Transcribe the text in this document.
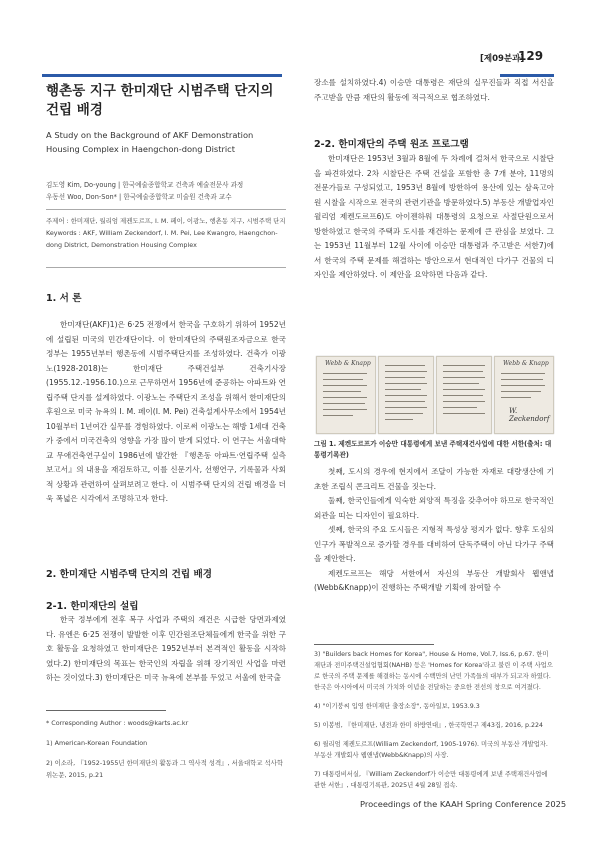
[제09분과]
129
행촌동 지구 한미재단 시범주택 단지의 건립 배경
A Study on the Background of AKF Demonstration Housing Complex in Haengchon-dong District
김도영 Kim, Do-young | 한국예술종합학교 건축과 예술전문사 과정
우동선 Woo, Don-Son* | 한국예술종합학교 미술원 건축과 교수
주제어 : 한미재단, 월리엄 제켄도르프, I. M. 페이, 이광노, 행촌동 지구, 시범주택 단지
Keywords : AKF, William Zeckendorf, I. M. Pei, Lee Kwangro, Haengchon-dong District, Demonstration Housing Complex
1. 서 론
한미재단(AKF)1)은 6·25 전쟁에서 한국을 구호하기 위하여 1952년에 설립된 미국의 민간재단이다. 이 한미재단의 주택원조자금으로 한국 정부는 1955년부터 행촌동에 시범주택단지를 조성하였다. 건축가 이광노(1928-2018)는 한미재단 주택건설부 건축기사장(1955.12.-1956.10.)으로 근무하면서 1956년에 준공하는 아파트와 연립주택 단지를 설계하였다. 이광노는 주택단지 조성을 위해서 한미재단의 후원으로 미국 뉴욕의 I. M. 페이(I. M. Pei) 건축설계사무소에서 1954년 10월부터 1년여간 실무를 경험하였다. 이로써 이광노는 해방 1세대 건축가 중에서 미국건축의 영향을 가장 많이 받게 되었다. 이 연구는 서울대학교 무애건축연구실이 1986년에 발간한 『행촌동 아파트·연립주택 실측보고서』의 내용을 재검토하고, 이를 신문기사, 선행연구, 기록물과 사회적 상황과 관련하여 살펴보려고 한다. 이 시범주택 단지의 건립 배경을 더욱 폭넓은 시각에서 조명하고자 한다.
2. 한미재단 시범주택 단지의 건립 배경
2-1. 한미재단의 설립
한국 정부에게 전후 복구 사업과 주택의 재건은 시급한 당면과제였다. 유엔은 6·25 전쟁이 발발한 이후 민간원조단체들에게 한국을 위한 구호 활동을 요청하였고 한미재단은 1952년부터 본격적인 활동을 시작하였다.2) 한미재단의 목표는 한국인의 자립을 위해 장기적인 사업을 마련하는 것이었다.3) 한미재단은 미국 뉴욕에 본부를 두었고 서울에 한국출

* Corresponding Author : woods@karts.ac.kr

1) American-Korean Foundation

2) 이소라, 『1952-1955년 한미재단의 활동과 그 역사적 성격』, 서울대학교 석사학위논문, 2015, p.21

장소를 설치하였다.4) 이승만 대통령은 재단의 실무진들과 직접 서신을 주고받을 만큼 재단의 활동에 적극적으로 협조하였다.
2-2. 한미재단의 주택 원조 프로그램
한미재단은 1953년 3월과 8월에 두 차례에 걸쳐서 한국으로 시찰단을 파견하였다. 2차 시찰단은 주택 건설을 포함한 총 7개 분야, 11명의 전문가들로 구성되었고, 1953년 8월에 방한하여 용산에 있는 삼육고아원 시찰을 시작으로 전국의 관련기관을 방문하였다.5) 부동산 개발업자인 윌리엄 제켄도르프6)도 아이젠하워 대통령의 요청으로 사절단원으로서 방한하였고 한국의 주택과 도시를 재건하는 문제에 큰 관심을 보였다. 그는 1953년 11월부터 12월 사이에 이승만 대통령과 주고받은 서한7)에서 한국의 주택 문제를 해결하는 방안으로서 현대적인 다가구 건물의 디자인을 제안하였다. 이 제안을 요약하면 다음과 같다.
Webb & Knapp	Webb & Knapp
W. Zeckendorf
그림 1. 제켄도르프가 이승만 대통령에게 보낸 주택재건사업에 대한 서한(출처: 대통령기록관)
첫째, 도시의 경우에 현지에서 조달이 가능한 자재로 대량생산에 기초한 조립식 콘크리트 건물을 짓는다.
둘째, 한국인들에게 익숙한 외양적 특징을 갖추어야 하므로 한국적인 외관을 띠는 디자인이 필요하다.
셋째, 한국의 주요 도시들은 지형적 특성상 평지가 없다. 향후 도심의 인구가 폭발적으로 증가할 경우를 대비하여 단독주택이 아닌 다가구 주택을 제안한다.
제켄도르프는 해당 서한에서 자신의 부동산 개발회사 웹앤냅(Webb&Knapp)이 진행하는 주택개발 기획에 참여할 수

3) "Builders back Homes for Korea", House & Home, Vol.7, Iss.6, p.67. 한미재단과 전미주택건설업협회(NAHB) 등은 'Homes for Korea'라고 불린 이 주택 사업으로 한국의 주택 문제를 해결하는 동시에 수백만의 난민 가족들의 대부가 되고자 하였다. 한국은 아시아에서 미국의 가치와 이념을 전달하는 중요한 전선의 창으로 여겨졌다.

4) "이기붕씨 입영 한미재단 출장소장", 동아일보, 1953.9.3

5) 이봉범, 『한미재단, 냉전과 한미 하방연대』, 한국학연구 제43집, 2016, p.224

6) 윌리엄 제켄도르프(William Zeckendorf, 1905-1976). 미국의 부동산 개발업자. 부동산 개발회사 웹앤냅(Webb&Knapp)의 사장.

7) 대통령비서실, 『William Zeckendorf가 이승만 대통령에게 보낸 주택재건사업에 관한 서한』, 대통령기록관, 2025년 4월 28일 접속.

Proceedings of the KAAH Spring Conference 2025
